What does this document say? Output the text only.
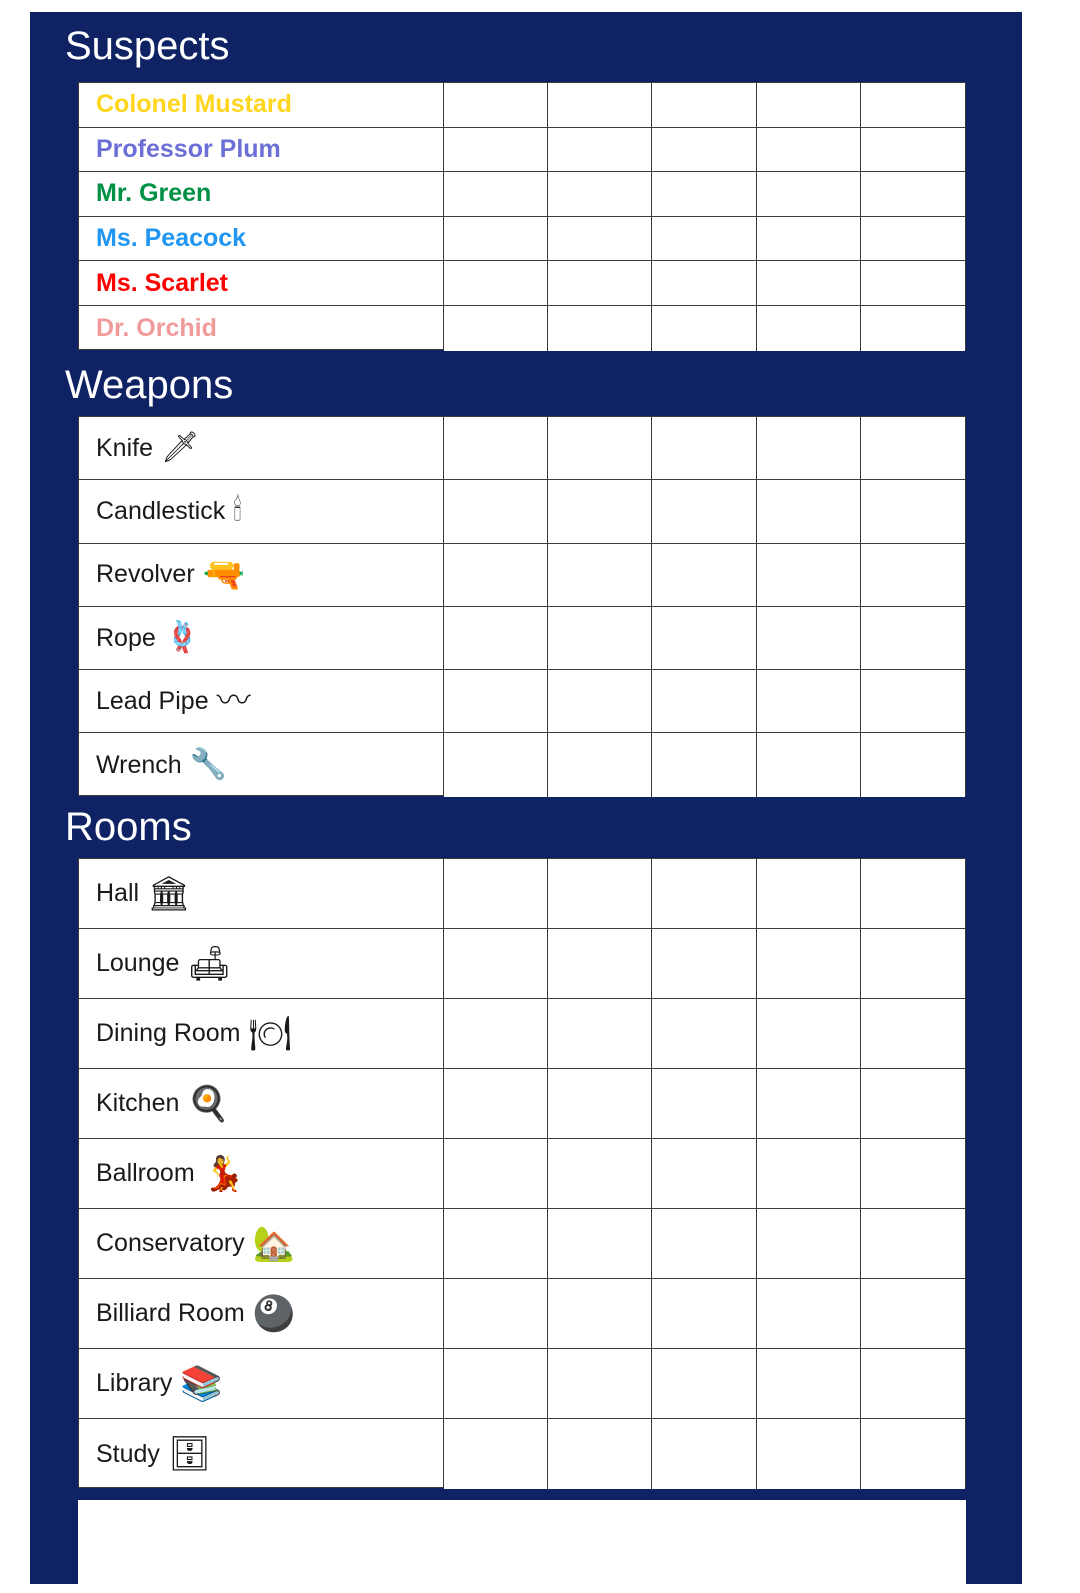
Suspects
Colonel Mustard
Professor Plum
Mr. Green
Ms. Peacock
Ms. Scarlet
Dr. Orchid
Weapons
Knife 🗡
Candlestick 🕯
Revolver 🔫
Rope 🪢
Lead Pipe 〰
Wrench 🔧
Rooms
Hall 🏛
Lounge 🛋
Dining Room 🍽
Kitchen 🍳
Ballroom 💃
Conservatory 🏡
Billiard Room 🎱
Library 📚
Study 🗄
